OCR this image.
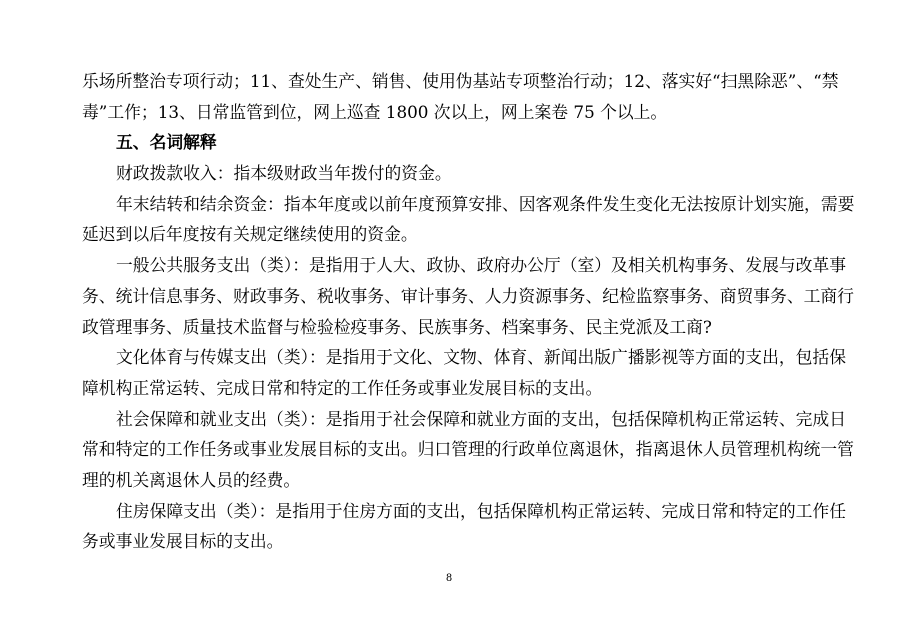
乐场所整治专项行动；11、查处生产、销售、使用伪基站专项整治行动；12、落实好“扫黑除恶”、“禁
毒”工作；13、日常监管到位，网上巡查 1800 次以上，网上案卷 75 个以上。
五、名词解释
财政拨款收入：指本级财政当年拨付的资金。
年末结转和结余资金：指本年度或以前年度预算安排、因客观条件发生变化无法按原计划实施，需要
延迟到以后年度按有关规定继续使用的资金。
一般公共服务支出（类）：是指用于人大、政协、政府办公厅（室）及相关机构事务、发展与改革事
务、统计信息事务、财政事务、税收事务、审计事务、人力资源事务、纪检监察事务、商贸事务、工商行
政管理事务、质量技术监督与检验检疫事务、民族事务、档案事务、民主党派及工商?
文化体育与传媒支出（类）：是指用于文化、文物、体育、新闻出版广播影视等方面的支出，包括保
障机构正常运转、完成日常和特定的工作任务或事业发展目标的支出。
社会保障和就业支出（类）：是指用于社会保障和就业方面的支出，包括保障机构正常运转、完成日
常和特定的工作任务或事业发展目标的支出。归口管理的行政单位离退休，指离退休人员管理机构统一管
理的机关离退休人员的经费。
住房保障支出（类）：是指用于住房方面的支出，包括保障机构正常运转、完成日常和特定的工作任
务或事业发展目标的支出。
8
